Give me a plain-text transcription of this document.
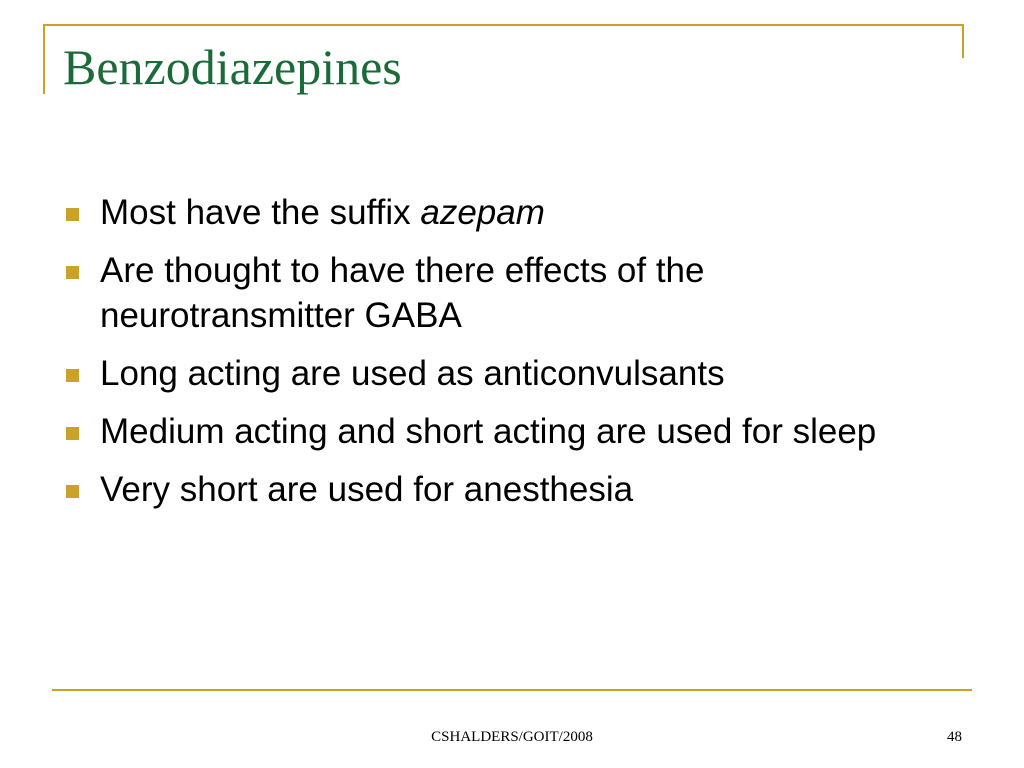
Benzodiazepines
Most have the suffix azepam
Are thought to have there effects of the neurotransmitter GABA
Long acting are used as anticonvulsants
Medium acting and short acting are used for sleep
Very short are used for anesthesia
CSHALDERS/GOIT/2008	48
